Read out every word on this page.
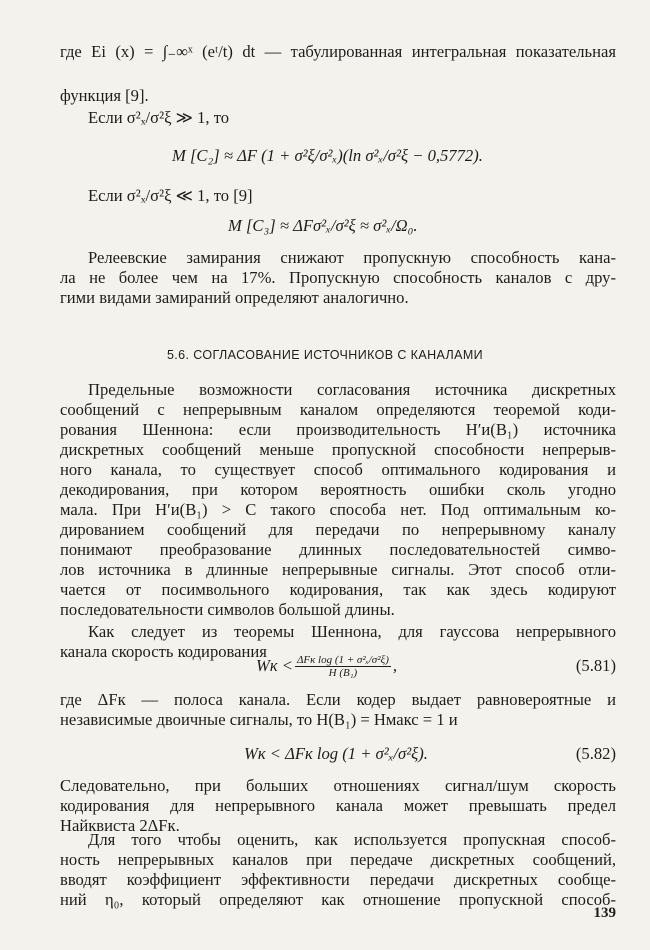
где Ei (x) = ∫₋∞ˣ (eᵗ/t) dt — табулированная интегральная показательная
функция [9].
Если σ²ₓ/σ²ξ ≫ 1, то
M [C₂] ≈ ΔF (1 + σ²ξ/σ²ₓ)(ln σ²ₓ/σ²ξ − 0,5772).
Если σ²ₓ/σ²ξ ≪ 1, то [9]
M [C₃] ≈ ΔFσ²ₓ/σ²ξ ≈ σ²ₓ/Ω₀.
Релеевские замирания снижают пропускную способность кана-
ла не более чем на 17%. Пропускную способность каналов с дру-
гими видами замираний определяют аналогично.
5.6. СОГЛАСОВАНИЕ ИСТОЧНИКОВ С КАНАЛАМИ
Предельные возможности согласования источника дискретных
сообщений с непрерывным каналом определяются теоремой коди-
рования Шеннона: если производительность H′и(B₁) источника
дискретных сообщений меньше пропускной способности непрерыв-
ного канала, то существует способ оптимального кодирования и
декодирования, при котором вероятность ошибки сколь угодно
мала. При H′и(B₁) > C такого способа нет. Под оптимальным ко-
дированием сообщений для передачи по непрерывному каналу
понимают преобразование длинных последовательностей симво-
лов источника в длинные непрерывные сигналы. Этот способ отли-
чается от посимвольного кодирования, так как здесь кодируют
последовательности символов большой длины.
Как следует из теоремы Шеннона, для гауссова непрерывного
канала скорость кодирования
Wк < $\frac{\text{ΔFк log (1 + σ²ₓ/σ²ξ)}}{\text{H (B₁)}}$ ,	(5.81)
где ΔFк — полоса канала. Если кодер выдает равновероятные и
независимые двоичные сигналы, то H(B₁) = Hмакс = 1 и
Wк < ΔFк log (1 + σ²ₓ/σ²ξ).	(5.82)
Следовательно, при больших отношениях сигнал/шум скорость
кодирования для непрерывного канала может превышать предел
Найквиста 2ΔFк.
Для того чтобы оценить, как используется пропускная способ-
ность непрерывных каналов при передаче дискретных сообщений,
вводят коэффициент эффективности передачи дискретных сообще-
ний η₀, который определяют как отношение пропускной способ-
139
